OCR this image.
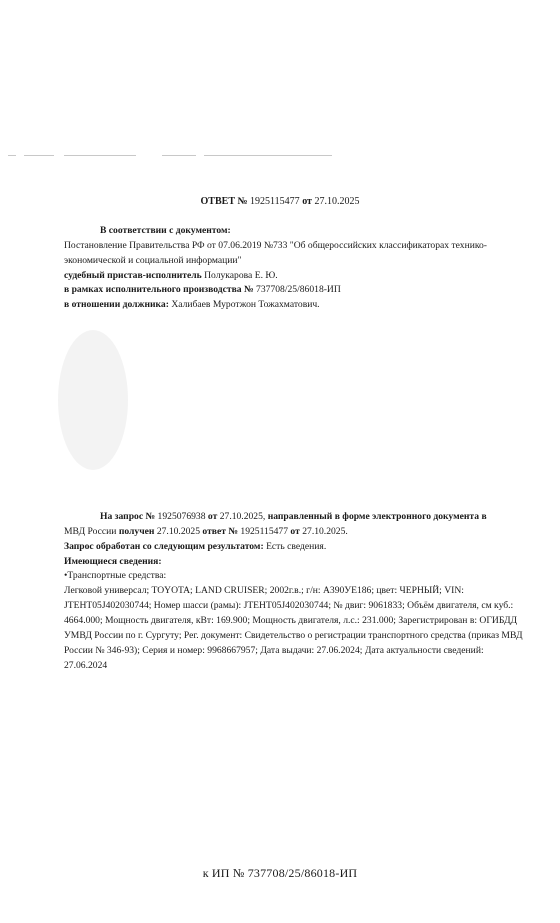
ОТВЕТ № 1925115477 от 27.10.2025
В соответствии с документом:
Постановление Правительства РФ от 07.06.2019 №733 "Об общероссийских классификаторах технико-экономической и социальной информации"
судебный пристав-исполнитель Полукарова Е. Ю.
в рамках исполнительного производства № 737708/25/86018-ИП
в отношении должника: Халибаев Муротжон Тожахматович.
На запрос № 1925076938 от 27.10.2025, направленный в форме электронного документа в
МВД России получен 27.10.2025 ответ № 1925115477 от 27.10.2025.
Запрос обработан со следующим результатом: Есть сведения.
Имеющиеся сведения:
•Транспортные средства:
Легковой универсал; TOYOTA; LAND CRUISER; 2002г.в.; г/н: А390УЕ186; цвет: ЧЕРНЫЙ; VIN: JTEHT05J402030744; Номер шасси (рамы): JTEHT05J402030744; № двиг: 9061833; Объём двигателя, см куб.: 4664.000; Мощность двигателя, кВт: 169.900; Мощность двигателя, л.с.: 231.000; Зарегистрирован в: ОГИБДД УМВД России по г. Сургуту; Рег. документ: Свидетельство о регистрации транспортного средства (приказ МВД России № 346-93); Серия и номер: 9968667957; Дата выдачи: 27.06.2024; Дата актуальности сведений: 27.06.2024
к ИП № 737708/25/86018-ИП
